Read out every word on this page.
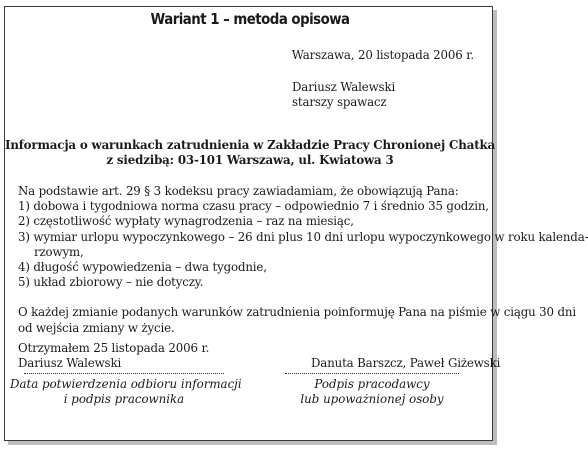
Wariant 1 – metoda opisowa
Warszawa, 20 listopada 2006 r.
Dariusz Walewski
starszy spawacz
Informacja o warunkach zatrudnienia w Zakładzie Pracy Chronionej Chatka
z siedzibą: 03-101 Warszawa, ul. Kwiatowa 3
Na podstawie art. 29 § 3 kodeksu pracy zawiadamiam, że obowiązują Pana:
1) dobowa i tygodniowa norma czasu pracy – odpowiednio 7 i średnio 35 godzin,
2) częstotliwość wypłaty wynagrodzenia – raz na miesiąc,
3) wymiar urlopu wypoczynkowego – 26 dni plus 10 dni urlopu wypoczynkowego w roku kalenda-
rzowym,
4) długość wypowiedzenia – dwa tygodnie,
5) układ zbiorowy – nie dotyczy.
O każdej zmianie podanych warunków zatrudnienia poinformuję Pana na piśmie w ciągu 30 dni
od wejścia zmiany w życie.
Otrzymałem 25 listopada 2006 r.
Dariusz Walewski	Danuta Barszcz, Paweł Giżewski
Data potwierdzenia odbioru informacji
i podpis pracownika
Podpis pracodawcy
lub upoważnionej osoby
